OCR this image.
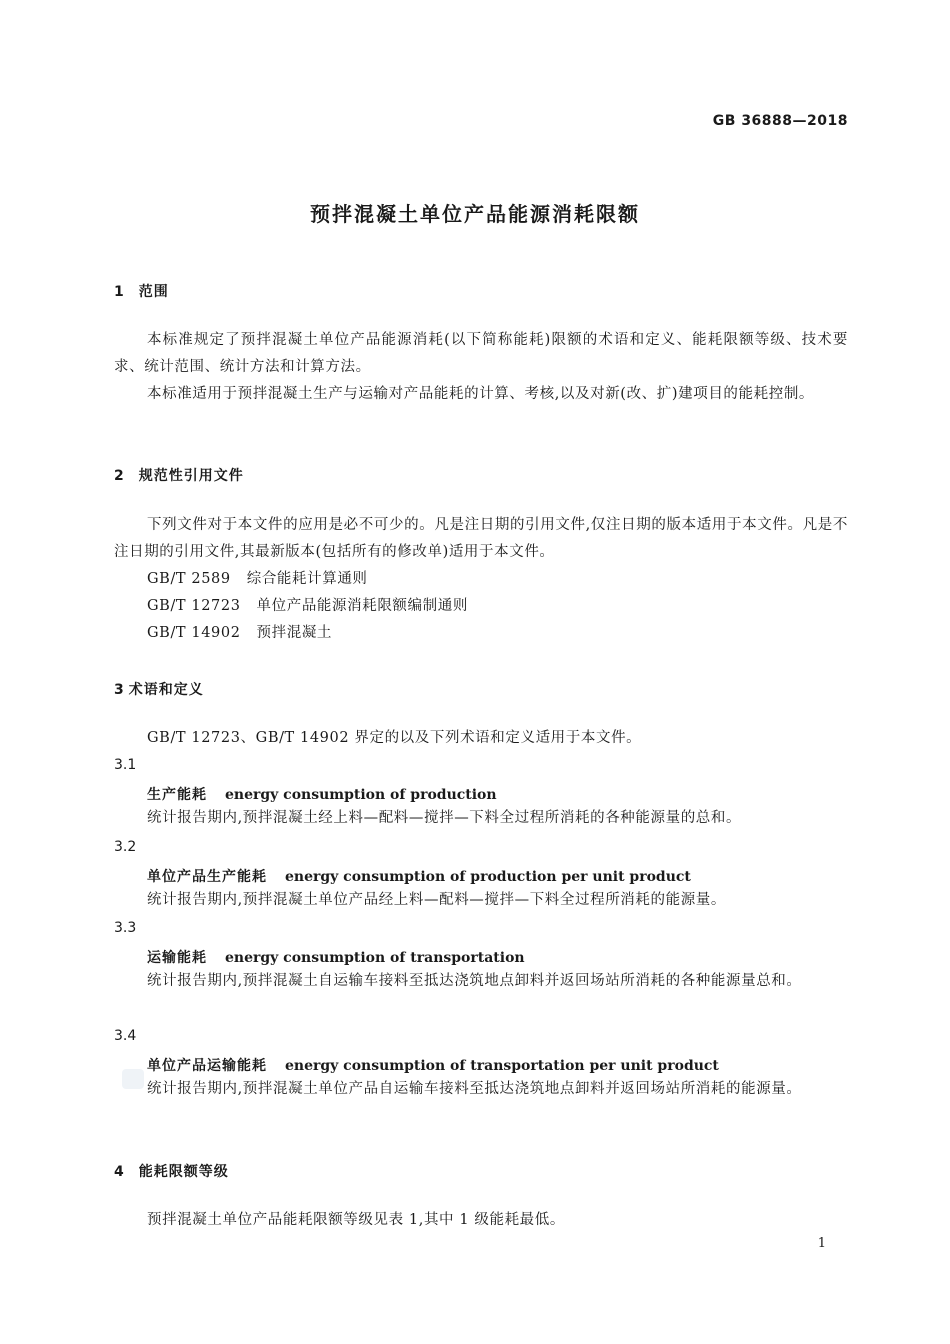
GB 36888—2018
预拌混凝土单位产品能源消耗限额
1 范围
本标准规定了预拌混凝土单位产品能源消耗(以下简称能耗)限额的术语和定义、能耗限额等级、技术要求、统计范围、统计方法和计算方法。
本标准适用于预拌混凝土生产与运输对产品能耗的计算、考核,以及对新(改、扩)建项目的能耗控制。
2 规范性引用文件
下列文件对于本文件的应用是必不可少的。凡是注日期的引用文件,仅注日期的版本适用于本文件。凡是不注日期的引用文件,其最新版本(包括所有的修改单)适用于本文件。
GB/T 2589 综合能耗计算通则
GB/T 12723 单位产品能源消耗限额编制通则
GB/T 14902 预拌混凝土
3 术语和定义
GB/T 12723、GB/T 14902 界定的以及下列术语和定义适用于本文件。
3.1
生产能耗 energy consumption of production
统计报告期内,预拌混凝土经上料—配料—搅拌—下料全过程所消耗的各种能源量的总和。
3.2
单位产品生产能耗 energy consumption of production per unit product
统计报告期内,预拌混凝土单位产品经上料—配料—搅拌—下料全过程所消耗的能源量。
3.3
运输能耗 energy consumption of transportation
统计报告期内,预拌混凝土自运输车接料至抵达浇筑地点卸料并返回场站所消耗的各种能源量总和。
3.4
单位产品运输能耗 energy consumption of transportation per unit product
统计报告期内,预拌混凝土单位产品自运输车接料至抵达浇筑地点卸料并返回场站所消耗的能源量。
4 能耗限额等级
预拌混凝土单位产品能耗限额等级见表 1,其中 1 级能耗最低。
1
